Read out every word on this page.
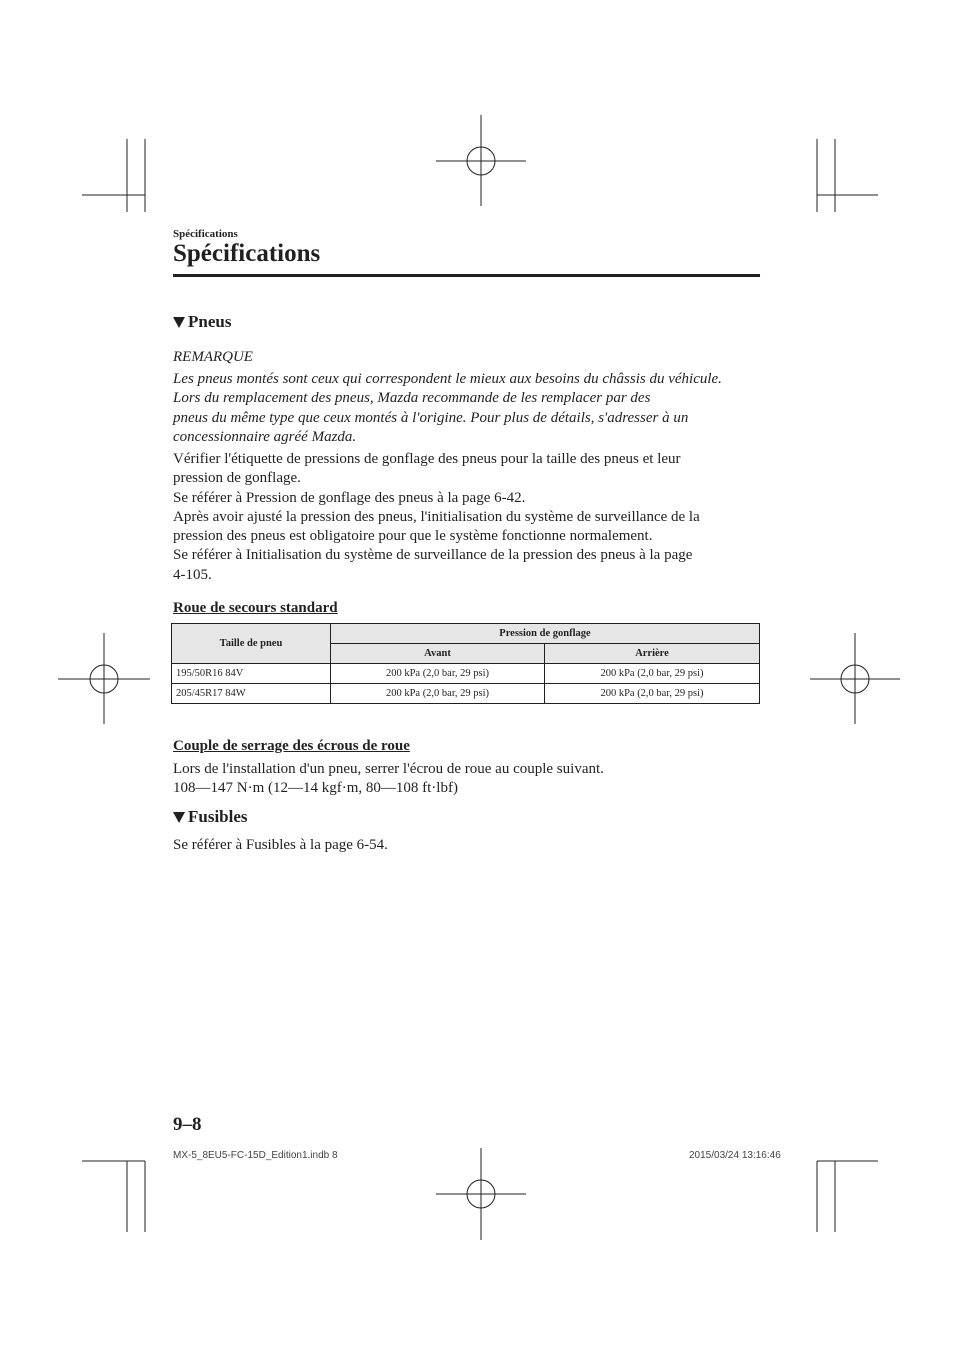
Spécifications
Spécifications
Pneus
REMARQUE
Les pneus montés sont ceux qui correspondent le mieux aux besoins du châssis du véhicule.
Lors du remplacement des pneus, Mazda recommande de les remplacer par des
pneus du même type que ceux montés à l'origine. Pour plus de détails, s'adresser à un
concessionnaire agréé Mazda.
Vérifier l'étiquette de pressions de gonflage des pneus pour la taille des pneus et leur
pression de gonflage.
Se référer à Pression de gonflage des pneus à la page 6-42.
Après avoir ajusté la pression des pneus, l'initialisation du système de surveillance de la
pression des pneus est obligatoire pour que le système fonctionne normalement.
Se référer à Initialisation du système de surveillance de la pression des pneus à la page
4-105.
Roue de secours standard
Taille de pneu	Pression de gonflage	
	Avant	Arrière
195/50R16 84V	200 kPa (2,0 bar, 29 psi)	200 kPa (2,0 bar, 29 psi)
205/45R17 84W	200 kPa (2,0 bar, 29 psi)	200 kPa (2,0 bar, 29 psi)
Couple de serrage des écrous de roue
Lors de l'installation d'un pneu, serrer l'écrou de roue au couple suivant.
108—147 N·m (12—14 kgf·m, 80—108 ft·lbf)
Fusibles
Se référer à Fusibles à la page 6-54.
9–8
MX-5_8EU5-FC-15D_Edition1.indb 8	2015/03/24 13:16:46
